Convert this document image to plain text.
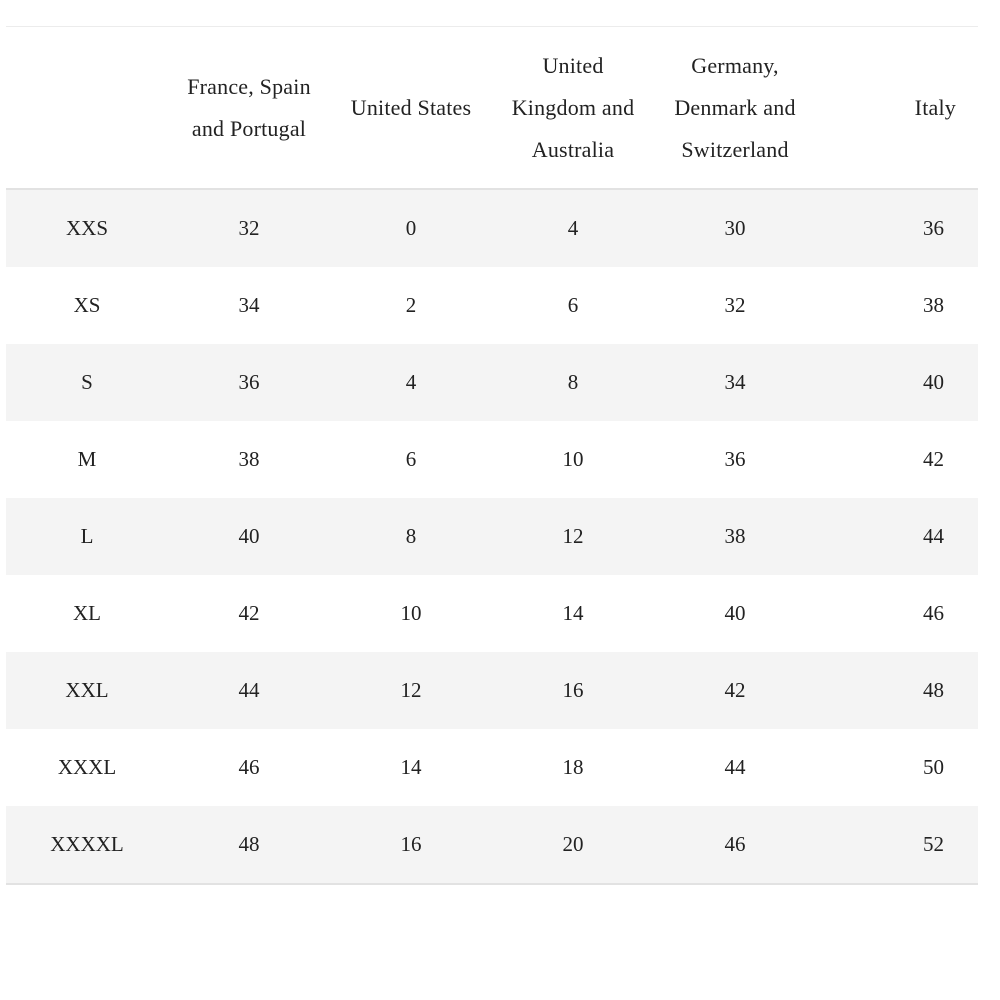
	France, Spain
and Portugal	United States	United
Kingdom and
Australia	Germany,
Denmark and
Switzerland	Italy

XXS	32	0	4	30	36
XS	34	2	6	32	38
S	36	4	8	34	40
M	38	6	10	36	42
L	40	8	12	38	44
XL	42	10	14	40	46
XXL	44	12	16	42	48
XXXL	46	14	18	44	50
XXXXL	48	16	20	46	52
